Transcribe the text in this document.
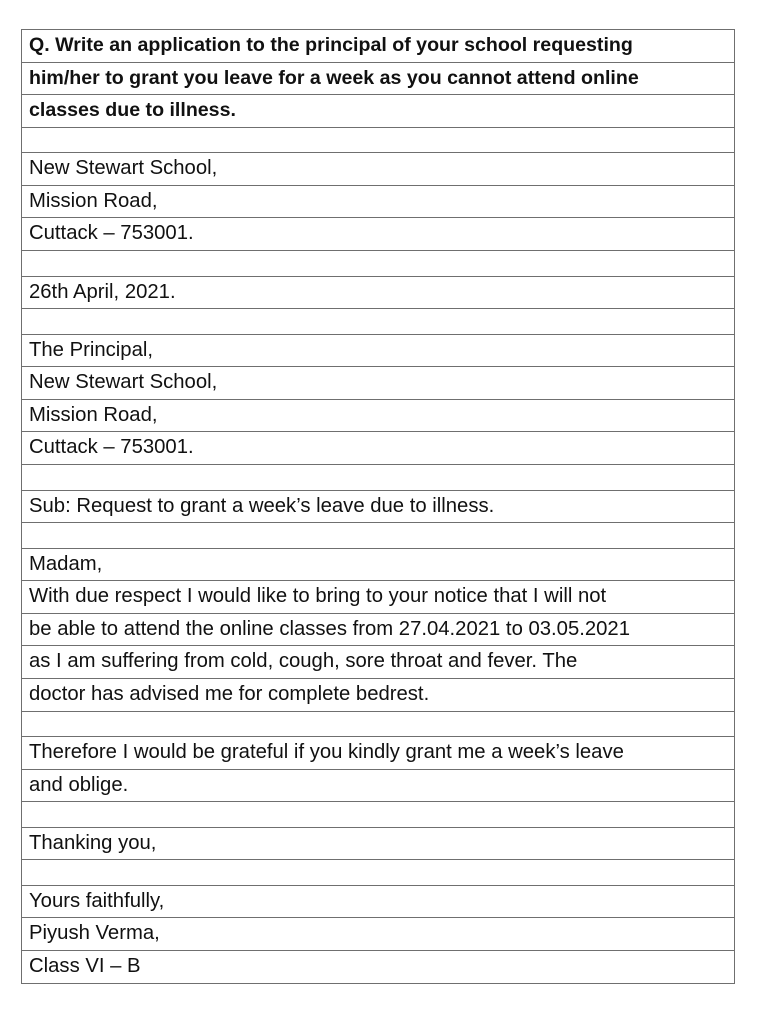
Q. Write an application to the principal of your school requesting
him/her to grant you leave for a week as you cannot attend online
classes due to illness.
New Stewart School,
Mission Road,
Cuttack – 753001.
26th April, 2021.
The Principal,
New Stewart School,
Mission Road,
Cuttack – 753001.
Sub: Request to grant a week’s leave due to illness.
Madam,
With due respect I would like to bring to your notice that I will not
be able to attend the online classes from 27.04.2021 to 03.05.2021
as I am suffering from cold, cough, sore throat and fever. The
doctor has advised me for complete bedrest.
Therefore I would be grateful if you kindly grant me a week’s leave
and oblige.
Thanking you,
Yours faithfully,
Piyush Verma,
Class VI – B
